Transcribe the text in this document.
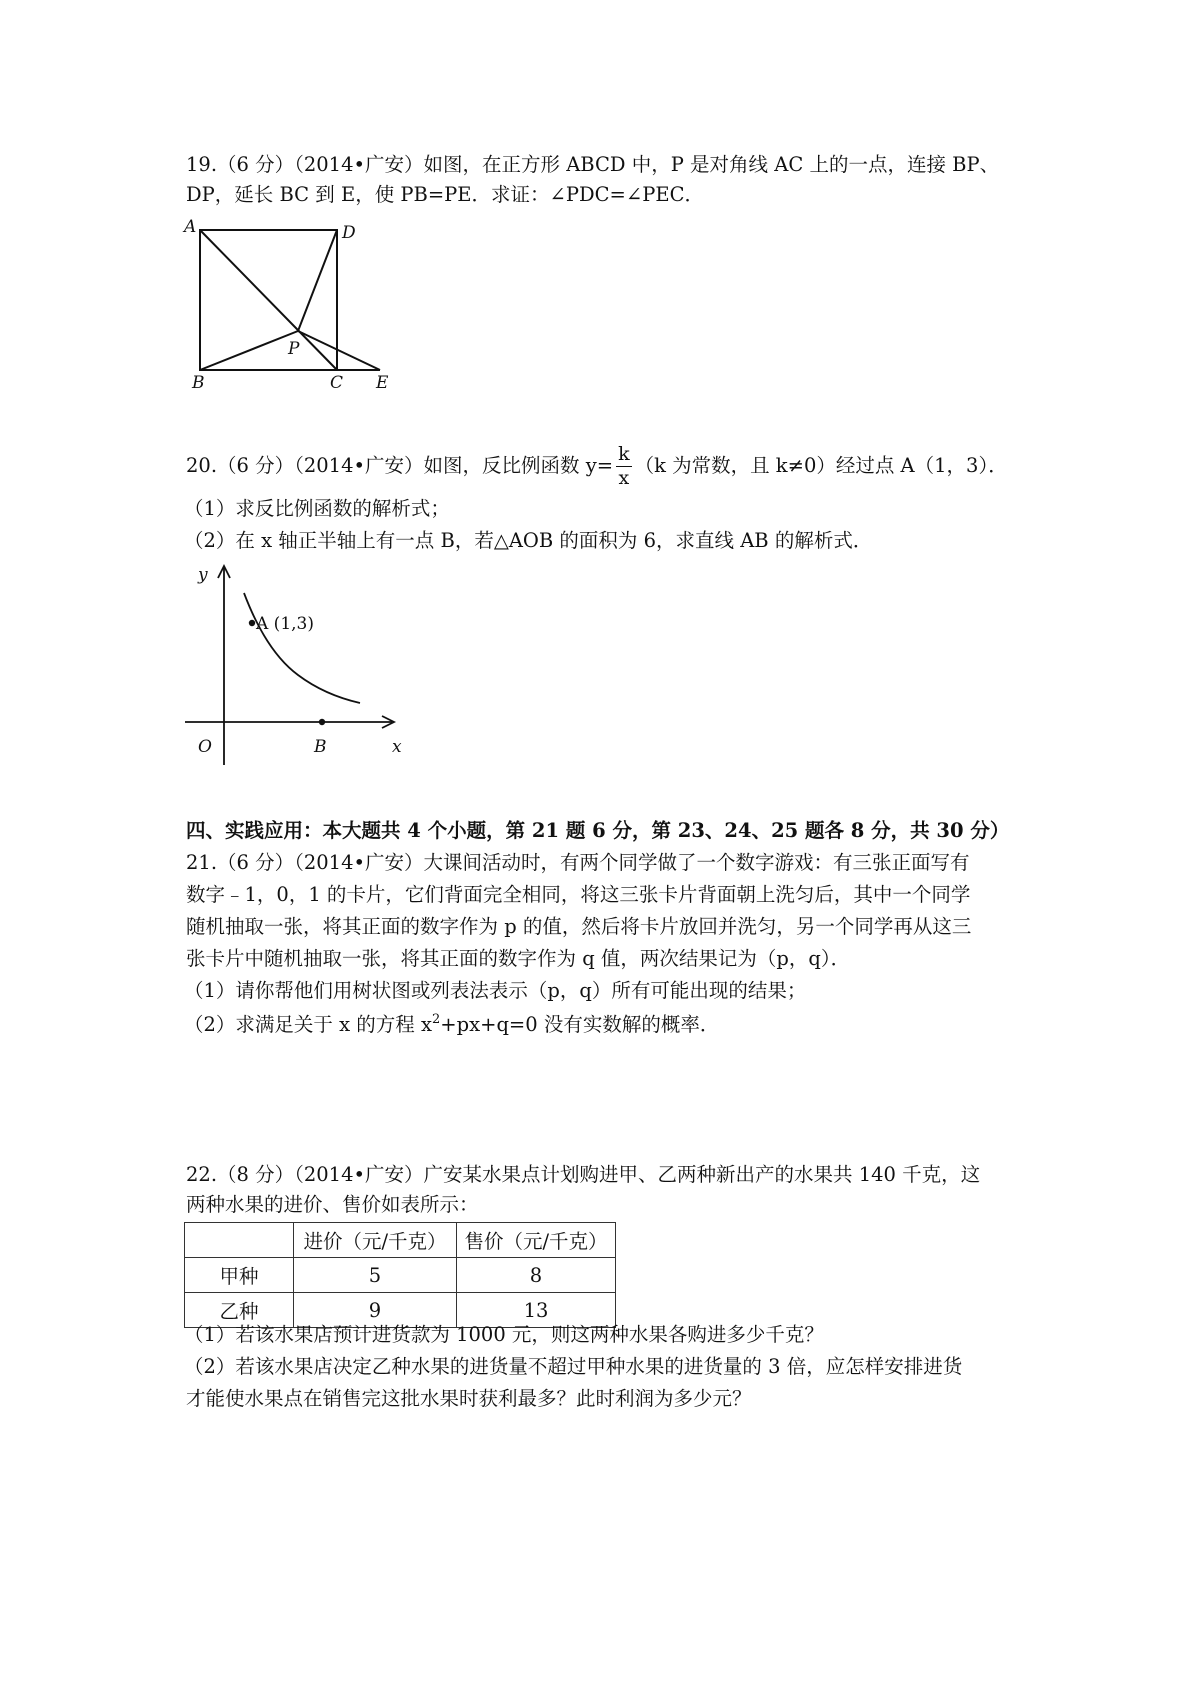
19.（6 分）（2014•广安）如图，在正方形 ABCD 中，P 是对角线 AC 上的一点，连接 BP、
DP，延长 BC 到 E，使 PB=PE．求证：∠PDC=∠PEC．
A	D
P
B	C E
20.（6 分）（2014•广安）如图，反比例函数 $y= \frac{k}{x} (k$ 为常数，且 k≠0）经过点 A（1，3）．
（1）求反比例函数的解析式；
（2）在 x 轴正半轴上有一点 B，若△AOB 的面积为 6，求直线 AB 的解析式．
y
A (1,3)
O	B	x
四、实践应用：本大题共 4 个小题，第 21 题 6 分，第 23、24、25 题各 8 分，共 30 分）
21.（6 分）（2014•广安）大课间活动时，有两个同学做了一个数字游戏：有三张正面写有
数字﹣1，0，1 的卡片，它们背面完全相同，将这三张卡片背面朝上洗匀后，其中一个同学
随机抽取一张，将其正面的数字作为 p 的值，然后将卡片放回并洗匀，另一个同学再从这三
张卡片中随机抽取一张，将其正面的数字作为 q 值，两次结果记为（p，q）．
（1）请你帮他们用树状图或列表法表示（p，q）所有可能出现的结果；
（2）求满足关于 x 的方程 $x^2+px+q=0$ 没有实数解的概率．
22.（8 分）（2014•广安）广安某水果点计划购进甲、乙两种新出产的水果共 140 千克，这
两种水果的进价、售价如表所示：
	进价（元/千克）	售价（元/千克）
甲种	5	8
乙种	9	13
（1）若该水果店预计进货款为 1000 元，则这两种水果各购进多少千克？
（2）若该水果店决定乙种水果的进货量不超过甲种水果的进货量的 3 倍，应怎样安排进货
才能使水果点在销售完这批水果时获利最多？此时利润为多少元？
